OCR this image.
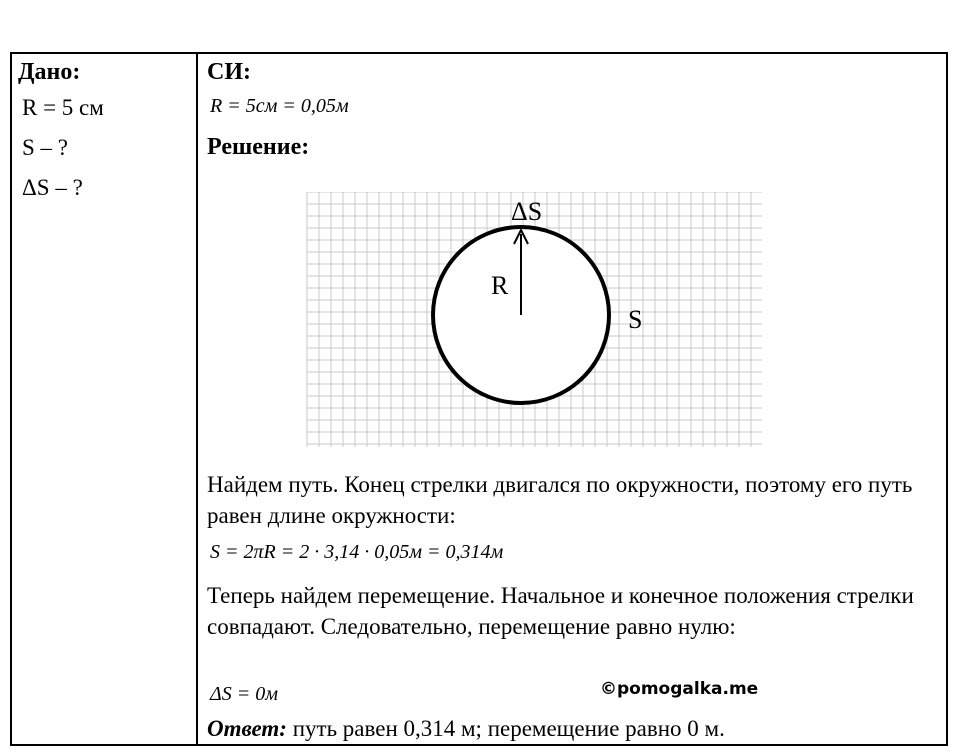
Дано:
R = 5 см
S – ?
ΔS – ?
СИ:
R = 5см = 0,05м
Решение:
ΔS
R
S
Найдем путь. Конец стрелки двигался по окружности, поэтому его путь равен длине окружности:
S = 2πR = 2 · 3,14 · 0,05м = 0,314м
Теперь найдем перемещение. Начальное и конечное положения стрелки совпадают. Следовательно, перемещение равно нулю:
ΔS = 0м	©pomogalka.me
Ответ: путь равен 0,314 м; перемещение равно 0 м.
